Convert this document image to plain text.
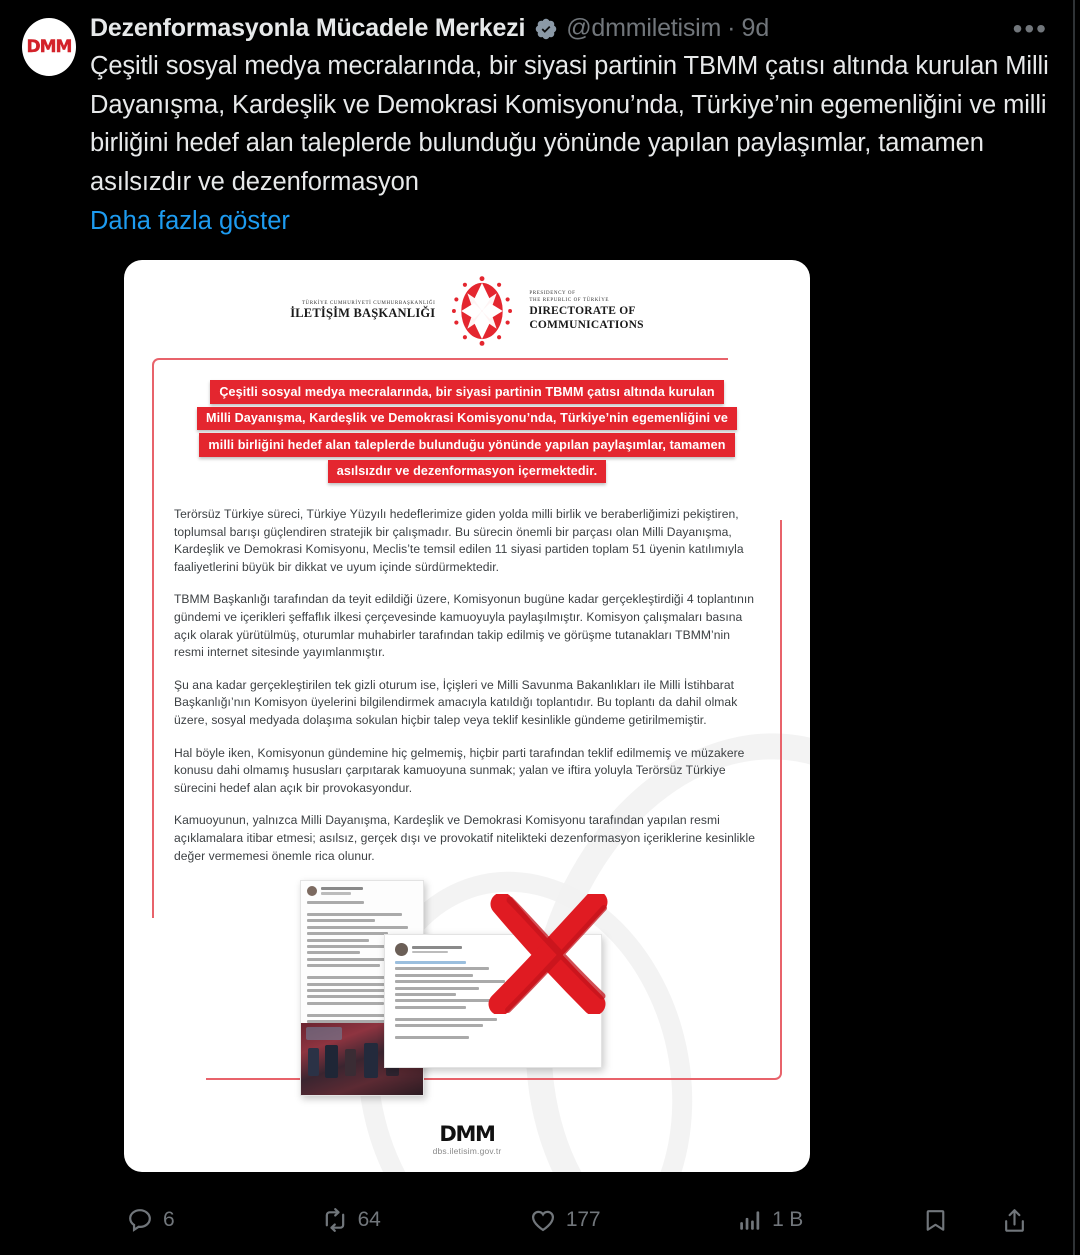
DMM
Dezenformasyonla Mücadele Merkezi @dmmiletisim · 9d	•••
Çeşitli sosyal medya mecralarında, bir siyasi partinin TBMM çatısı altında kurulan Milli Dayanışma, Kardeşlik ve Demokrasi Komisyonu’nda, Türkiye’nin egemenliğini ve milli birliğini hedef alan taleplerde bulunduğu yönünde yapılan paylaşımlar, tamamen asılsızdır ve dezenformasyon
Daha fazla göster
TÜRKİYE CUMHURİYETİ CUMHURBAŞKANLIĞI
İLETİŞİM BAŞKANLIĞI
PRESIDENCY OF
THE REPUBLIC OF TÜRKİYE
DIRECTORATE OF
COMMUNICATIONS
Çeşitli sosyal medya mecralarında, bir siyasi partinin TBMM çatısı altında kurulan
Milli Dayanışma, Kardeşlik ve Demokrasi Komisyonu’nda, Türkiye’nin egemenliğini ve
milli birliğini hedef alan taleplerde bulunduğu yönünde yapılan paylaşımlar, tamamen
asılsızdır ve dezenformasyon içermektedir.

Terörsüz Türkiye süreci, Türkiye Yüzyılı hedeflerimize giden yolda milli birlik ve beraberliğimizi pekiştiren, toplumsal barışı güçlendiren stratejik bir çalışmadır. Bu sürecin önemli bir parçası olan Milli Dayanışma, Kardeşlik ve Demokrasi Komisyonu, Meclis’te temsil edilen 11 siyasi partiden toplam 51 üyenin katılımıyla faaliyetlerini büyük bir dikkat ve uyum içinde sürdürmektedir.

TBMM Başkanlığı tarafından da teyit edildiği üzere, Komisyonun bugüne kadar gerçekleştirdiği 4 toplantının gündemi ve içerikleri şeffaflık ilkesi çerçevesinde kamuoyuyla paylaşılmıştır. Komisyon çalışmaları basına açık olarak yürütülmüş, oturumlar muhabirler tarafından takip edilmiş ve görüşme tutanakları TBMM’nin resmi internet sitesinde yayımlanmıştır.

Şu ana kadar gerçekleştirilen tek gizli oturum ise, İçişleri ve Milli Savunma Bakanlıkları ile Milli İstihbarat Başkanlığı’nın Komisyon üyelerini bilgilendirmek amacıyla katıldığı toplantıdır. Bu toplantı da dahil olmak üzere, sosyal medyada dolaşıma sokulan hiçbir talep veya teklif kesinlikle gündeme getirilmemiştir.

Hal böyle iken, Komisyonun gündemine hiç gelmemiş, hiçbir parti tarafından teklif edilmemiş ve müzakere konusu dahi olmamış hususları çarpıtarak kamuoyuna sunmak; yalan ve iftira yoluyla Terörsüz Türkiye sürecini hedef alan açık bir provokasyondur.

Kamuoyunun, yalnızca Milli Dayanışma, Kardeşlik ve Demokrasi Komisyonu tarafından yapılan resmi açıklamalara itibar etmesi; asılsız, gerçek dışı ve provokatif nitelikteki dezenformasyon içeriklerine kesinlikle değer vermemesi önemle rica olunur.

DMM
dbs.iletisim.gov.tr
6	64	177	1 B
